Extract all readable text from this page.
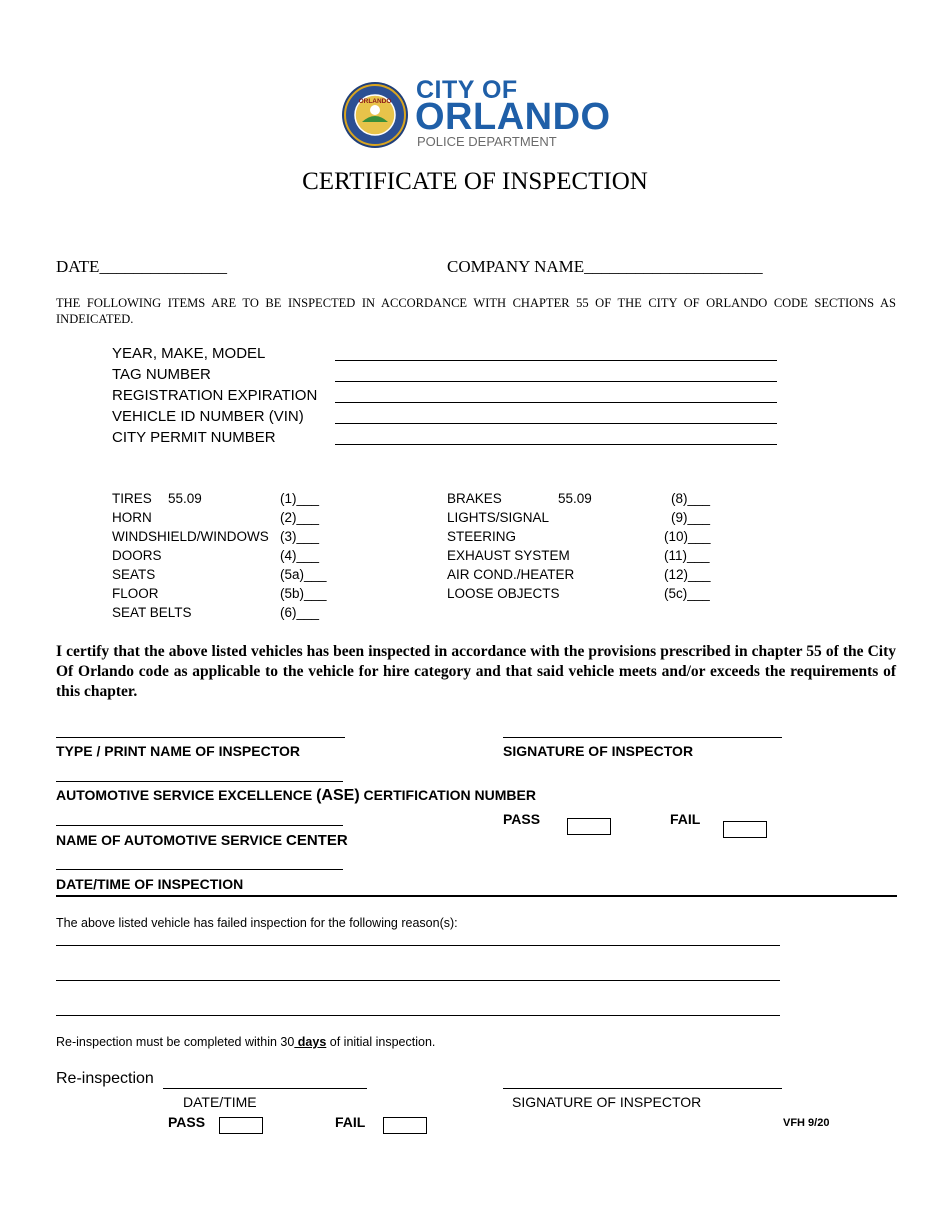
ORLANDO CITY OF
ORLANDO
POLICE DEPARTMENT
CERTIFICATE OF INSPECTION
DATE_______________	COMPANY NAME_____________________
THE FOLLOWING ITEMS ARE TO BE INSPECTED IN ACCORDANCE WITH CHAPTER 55 OF THE CITY OF ORLANDO CODE SECTIONS AS INDEICATED.
YEAR, MAKE, MODEL
TAG NUMBER
REGISTRATION EXPIRATION
VEHICLE ID NUMBER (VIN)
CITY PERMIT NUMBER
TIRES 55.09	(1)___
HORN	(2)___
WINDSHIELD/WINDOWS (3)___
DOORS	(4)___
SEATS	(5a)___
FLOOR	(5b)___
SEAT BELTS	(6)___
BRAKES	55.09	(8)___
LIGHTS/SIGNAL	(9)___
STEERING	(10)___
EXHAUST SYSTEM	(11)___
AIR COND./HEATER	(12)___
LOOSE OBJECTS	(5c)___
I certify that the above listed vehicles has been inspected in accordance with the provisions prescribed in chapter 55 of the City Of Orlando code as applicable to the vehicle for hire category and that said vehicle meets and/or exceeds the requirements of this chapter.
TYPE / PRINT NAME OF INSPECTOR	SIGNATURE OF INSPECTOR
AUTOMOTIVE SERVICE EXCELLENCE (ASE) CERTIFICATION NUMBER
PASS	FAIL
NAME OF AUTOMOTIVE SERVICE CENTER
DATE/TIME OF INSPECTION
The above listed vehicle has failed inspection for the following reason(s):
Re-inspection must be completed within 30 days of initial inspection.
Re-inspection
DATE/TIME	SIGNATURE OF INSPECTOR
PASS	FAIL	VFH 9/20
